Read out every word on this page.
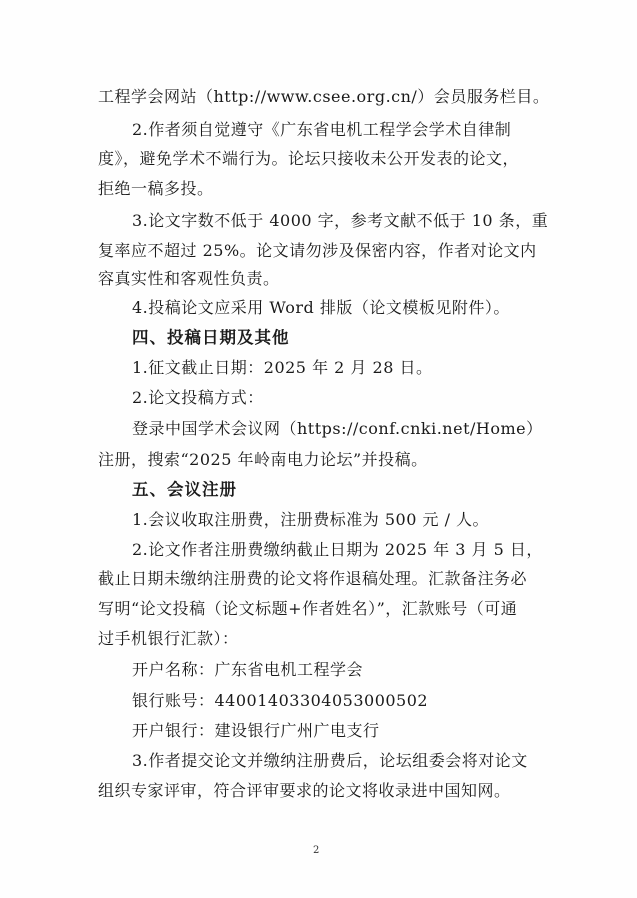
工程学会网站（http://www.csee.org.cn/）会员服务栏目。
2.作者须自觉遵守《广东省电机工程学会学术自律制
度》，避免学术不端行为。论坛只接收未公开发表的论文，
拒绝一稿多投。
3.论文字数不低于 4000 字，参考文献不低于 10 条，重
复率应不超过 25%。论文请勿涉及保密内容，作者对论文内
容真实性和客观性负责。
4.投稿论文应采用 Word 排版（论文模板见附件）。
四、投稿日期及其他
1.征文截止日期：2025 年 2 月 28 日。
2.论文投稿方式：
登录中国学术会议网（https://conf.cnki.net/Home）
注册，搜索“2025 年岭南电力论坛”并投稿。
五、会议注册
1.会议收取注册费，注册费标准为 500 元 / 人。
2.论文作者注册费缴纳截止日期为 2025 年 3 月 5 日，
截止日期未缴纳注册费的论文将作退稿处理。汇款备注务必
写明“论文投稿（论文标题+作者姓名）”，汇款账号（可通
过手机银行汇款）：
开户名称：广东省电机工程学会
银行账号：44001403304053000502
开户银行：建设银行广州广电支行
3.作者提交论文并缴纳注册费后，论坛组委会将对论文
组织专家评审，符合评审要求的论文将收录进中国知网。
2
